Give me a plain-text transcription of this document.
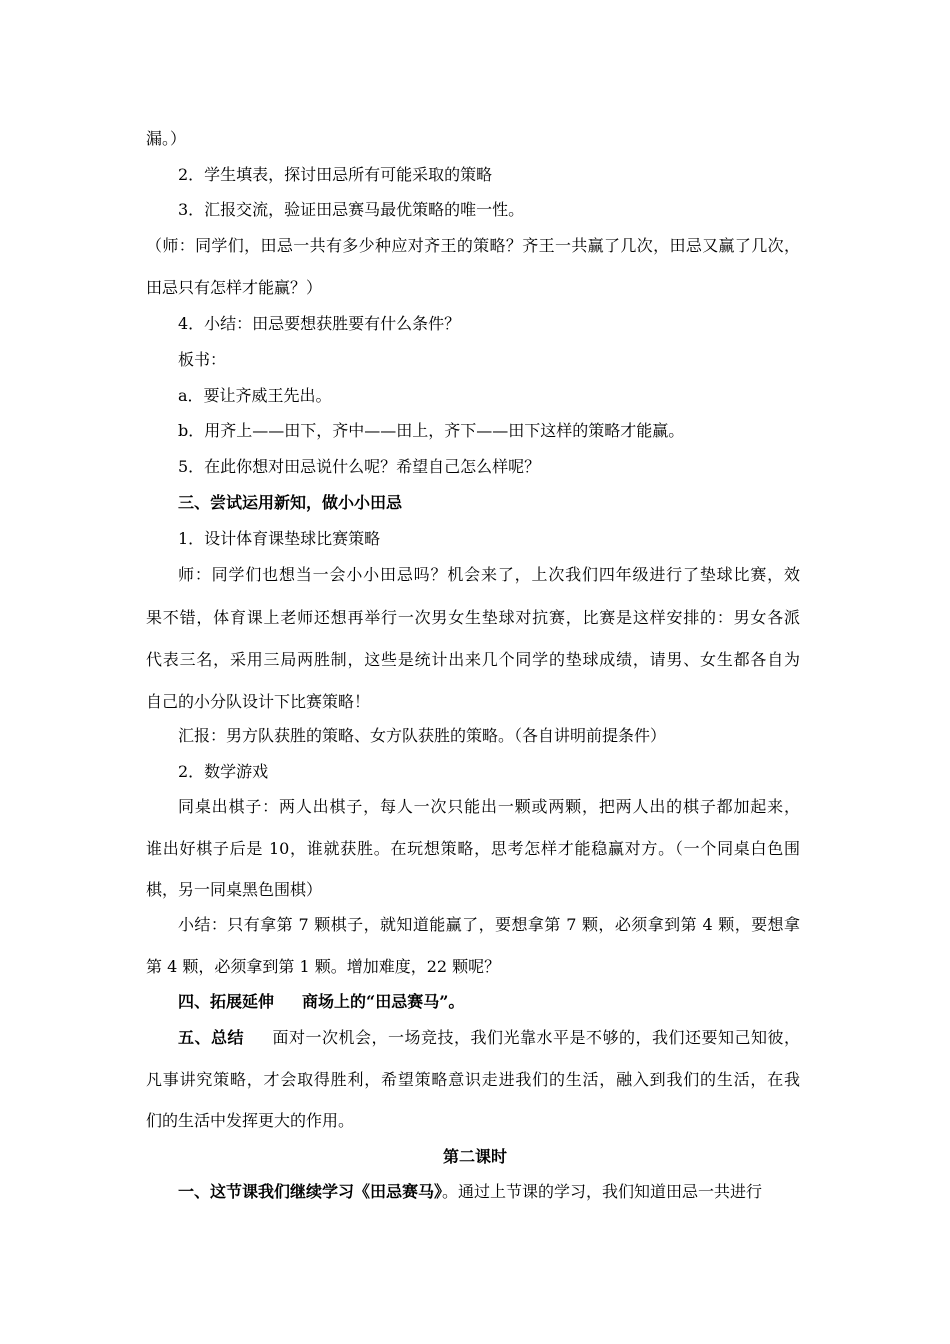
漏。）
2．学生填表，探讨田忌所有可能采取的策略
3．汇报交流，验证田忌赛马最优策略的唯一性。
（师：同学们，田忌一共有多少种应对齐王的策略？齐王一共赢了几次，田忌又赢了几次，
田忌只有怎样才能赢？）
4．小结：田忌要想获胜要有什么条件？
板书：
a．要让齐威王先出。
b．用齐上——田下，齐中——田上，齐下——田下这样的策略才能赢。
5．在此你想对田忌说什么呢？希望自己怎么样呢？
三、尝试运用新知，做小小田忌
1．设计体育课垫球比赛策略
师：同学们也想当一会小小田忌吗？机会来了，上次我们四年级进行了垫球比赛，效
果不错，体育课上老师还想再举行一次男女生垫球对抗赛，比赛是这样安排的：男女各派
代表三名，采用三局两胜制，这些是统计出来几个同学的垫球成绩，请男、女生都各自为
自己的小分队设计下比赛策略！
汇报：男方队获胜的策略、女方队获胜的策略。（各自讲明前提条件）
2．数学游戏
同桌出棋子：两人出棋子，每人一次只能出一颗或两颗，把两人出的棋子都加起来，
谁出好棋子后是 10，谁就获胜。在玩想策略，思考怎样才能稳赢对方。（一个同桌白色围
棋，另一同桌黑色围棋）
小结：只有拿第 7 颗棋子，就知道能赢了，要想拿第 7 颗，必须拿到第 4 颗，要想拿
第 4 颗，必须拿到第 1 颗。增加难度，22 颗呢？
四、拓展延伸 商场上的“田忌赛马”。
五、总结 面对一次机会，一场竞技，我们光靠水平是不够的，我们还要知己知彼，
凡事讲究策略，才会取得胜利，希望策略意识走进我们的生活，融入到我们的生活，在我
们的生活中发挥更大的作用。
第二课时
一、这节课我们继续学习《田忌赛马》。通过上节课的学习，我们知道田忌一共进行
